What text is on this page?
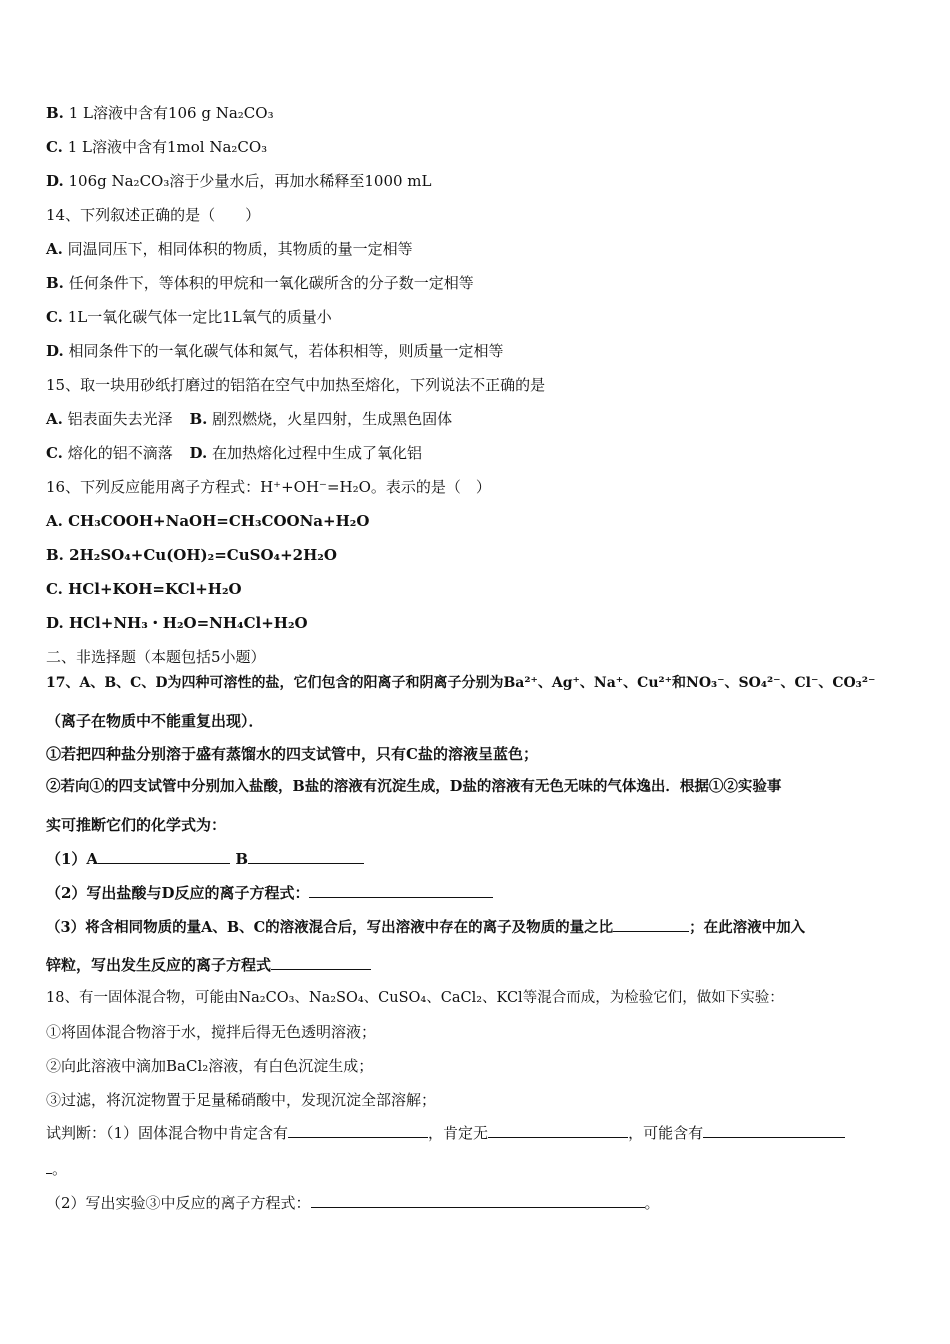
B. 1 L溶液中含有106 g Na₂CO₃
C. 1 L溶液中含有1mol Na₂CO₃
D. 106g Na₂CO₃溶于少量水后，再加水稀释至1000 mL
14、下列叙述正确的是（　　）
A. 同温同压下，相同体积的物质，其物质的量一定相等
B. 任何条件下，等体积的甲烷和一氧化碳所含的分子数一定相等
C. 1L一氧化碳气体一定比1L氧气的质量小
D. 相同条件下的一氧化碳气体和氮气，若体积相等，则质量一定相等
15、取一块用砂纸打磨过的铝箔在空气中加热至熔化，下列说法不正确的是
A. 铝表面失去光泽 B. 剧烈燃烧，火星四射，生成黑色固体
C. 熔化的铝不滴落 D. 在加热熔化过程中生成了氧化铝
16、下列反应能用离子方程式：H⁺+OH⁻=H₂O。表示的是（　）
A. CH₃COOH+NaOH=CH₃COONa+H₂O
B. 2H₂SO₄+Cu(OH)₂=CuSO₄+2H₂O
C. HCl+KOH=KCl+H₂O
D. HCl+NH₃・H₂O=NH₄Cl+H₂O
二、非选择题（本题包括5小题）
17、A、B、C、D为四种可溶性的盐，它们包含的阳离子和阴离子分别为Ba²⁺、Ag⁺、Na⁺、Cu²⁺和NO₃⁻、SO₄²⁻、Cl⁻、CO₃²⁻
（离子在物质中不能重复出现）．
①若把四种盐分别溶于盛有蒸馏水的四支试管中，只有C盐的溶液呈蓝色；
②若向①的四支试管中分别加入盐酸，B盐的溶液有沉淀生成，D盐的溶液有无色无味的气体逸出．根据①②实验事
实可推断它们的化学式为：
（1）A	B
（2）写出盐酸与D反应的离子方程式：
（3）将含相同物质的量A、B、C的溶液混合后，写出溶液中存在的离子及物质的量之比	；在此溶液中加入
锌粒，写出发生反应的离子方程式
18、有一固体混合物，可能由Na₂CO₃、Na₂SO₄、CuSO₄、CaCl₂、KCl等混合而成，为检验它们，做如下实验：
①将固体混合物溶于水，搅拌后得无色透明溶液；
②向此溶液中滴加BaCl₂溶液，有白色沉淀生成；
③过滤，将沉淀物置于足量稀硝酸中，发现沉淀全部溶解；
试判断：（1）固体混合物中肯定含有	，肯定无	，可能含有
。
（2）写出实验③中反应的离子方程式：	。
